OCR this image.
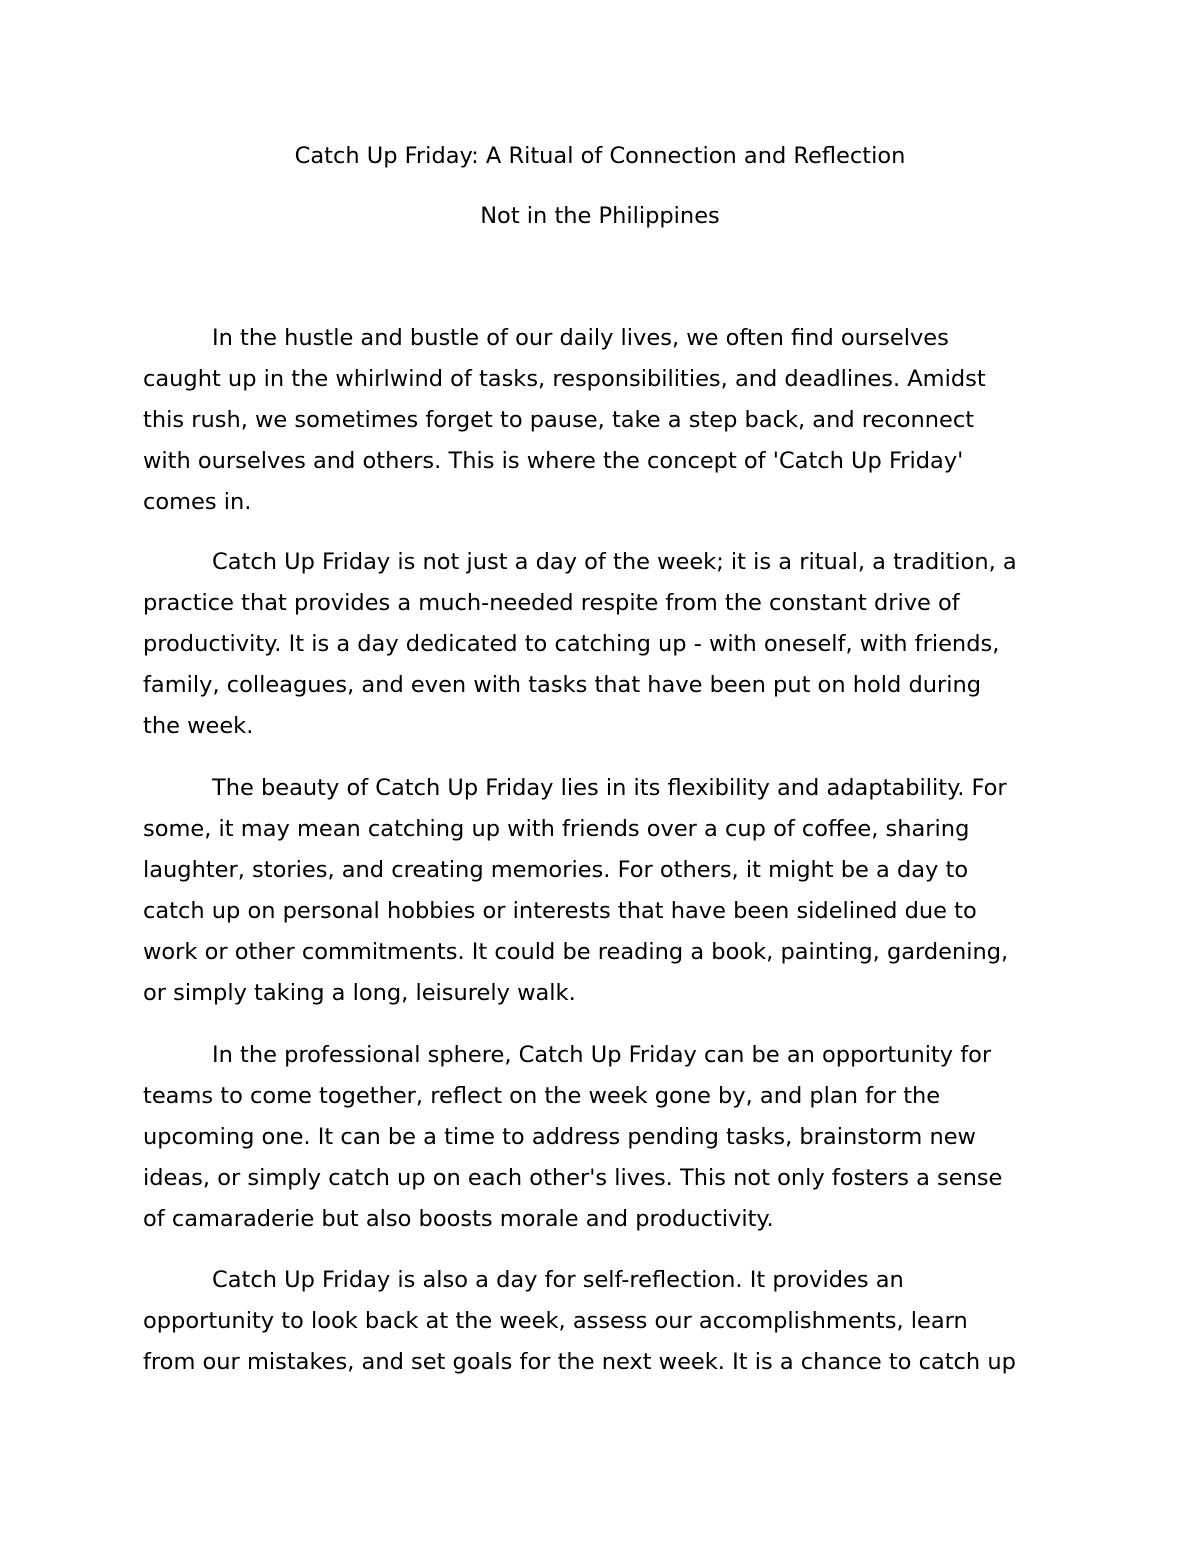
Catch Up Friday: A Ritual of Connection and Reflection
Not in the Philippines

In the hustle and bustle of our daily lives, we often find ourselves
caught up in the whirlwind of tasks, responsibilities, and deadlines. Amidst
this rush, we sometimes forget to pause, take a step back, and reconnect
with ourselves and others. This is where the concept of 'Catch Up Friday'
comes in.

Catch Up Friday is not just a day of the week; it is a ritual, a tradition, a
practice that provides a much-needed respite from the constant drive of
productivity. It is a day dedicated to catching up - with oneself, with friends,
family, colleagues, and even with tasks that have been put on hold during
the week.

The beauty of Catch Up Friday lies in its flexibility and adaptability. For
some, it may mean catching up with friends over a cup of coffee, sharing
laughter, stories, and creating memories. For others, it might be a day to
catch up on personal hobbies or interests that have been sidelined due to
work or other commitments. It could be reading a book, painting, gardening,
or simply taking a long, leisurely walk.

In the professional sphere, Catch Up Friday can be an opportunity for
teams to come together, reflect on the week gone by, and plan for the
upcoming one. It can be a time to address pending tasks, brainstorm new
ideas, or simply catch up on each other's lives. This not only fosters a sense
of camaraderie but also boosts morale and productivity.

Catch Up Friday is also a day for self-reflection. It provides an
opportunity to look back at the week, assess our accomplishments, learn
from our mistakes, and set goals for the next week. It is a chance to catch up
